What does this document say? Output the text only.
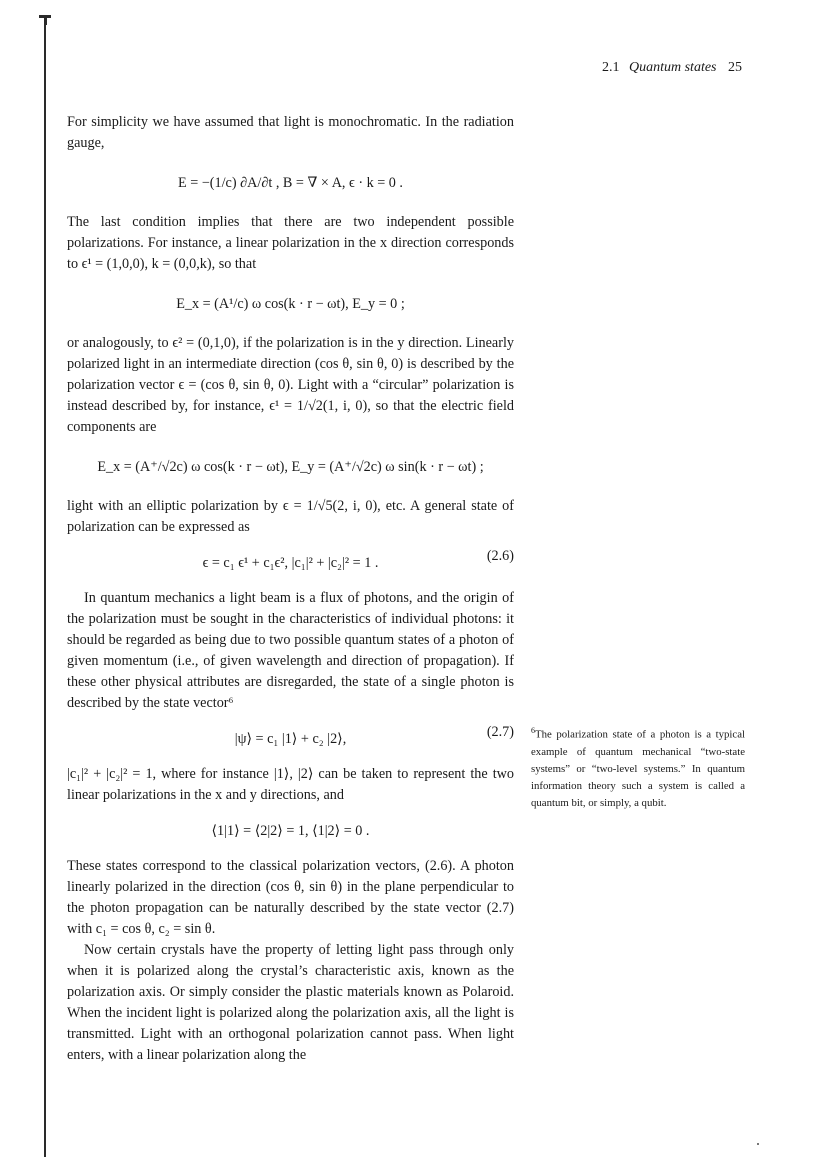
2.1 Quantum states 25

For simplicity we have assumed that light is monochromatic. In the radiation gauge,

E = −(1/c) ∂A/∂t , B = ∇ × A, ϵ · k = 0 .

The last condition implies that there are two independent possible polarizations. For instance, a linear polarization in the x direction corresponds to ϵ¹ = (1,0,0), k = (0,0,k), so that

E_x = (A¹/c) ω cos(k · r − ωt), E_y = 0 ;

or analogously, to ϵ² = (0,1,0), if the polarization is in the y direction. Linearly polarized light in an intermediate direction (cos θ, sin θ, 0) is described by the polarization vector ϵ = (cos θ, sin θ, 0). Light with a “circular” polarization is instead described by, for instance, ϵ¹ = 1/√2(1, i, 0), so that the electric field components are

E_x = (A⁺/√2c) ω cos(k · r − ωt), E_y = (A⁺/√2c) ω sin(k · r − ωt) ;

light with an elliptic polarization by ϵ = 1/√5(2, i, 0), etc. A general state of polarization can be expressed as

ϵ = c₁ ϵ¹ + c₁ϵ², |c₁|² + |c₂|² = 1 .	(2.6)

In quantum mechanics a light beam is a flux of photons, and the origin of the polarization must be sought in the characteristics of individual photons: it should be regarded as being due to two possible quantum states of a photon of given momentum (i.e., of given wavelength and direction of propagation). If these other physical attributes are disregarded, the state of a single photon is described by the state vector⁶

|ψ⟩ = c₁ |1⟩ + c₂ |2⟩,	(2.7)

|c₁|² + |c₂|² = 1, where for instance |1⟩, |2⟩ can be taken to represent the two linear polarizations in the x and y directions, and

⟨1|1⟩ = ⟨2|2⟩ = 1, ⟨1|2⟩ = 0 .

These states correspond to the classical polarization vectors, (2.6). A photon linearly polarized in the direction (cos θ, sin θ) in the plane perpendicular to the photon propagation can be naturally described by the state vector (2.7) with c₁ = cos θ, c₂ = sin θ.

Now certain crystals have the property of letting light pass through only when it is polarized along the crystal’s characteristic axis, known as the polarization axis. Or simply consider the plastic materials known as Polaroid. When the incident light is polarized along the polarization axis, all the light is transmitted. Light with an orthogonal polarization cannot pass. When light enters, with a linear polarization along the

$^6$The polarization state of a photon is a typical example of quantum mechanical “two-state systems” or “two-level systems.” In quantum information theory such a system is called a quantum bit, or simply, a qubit.
